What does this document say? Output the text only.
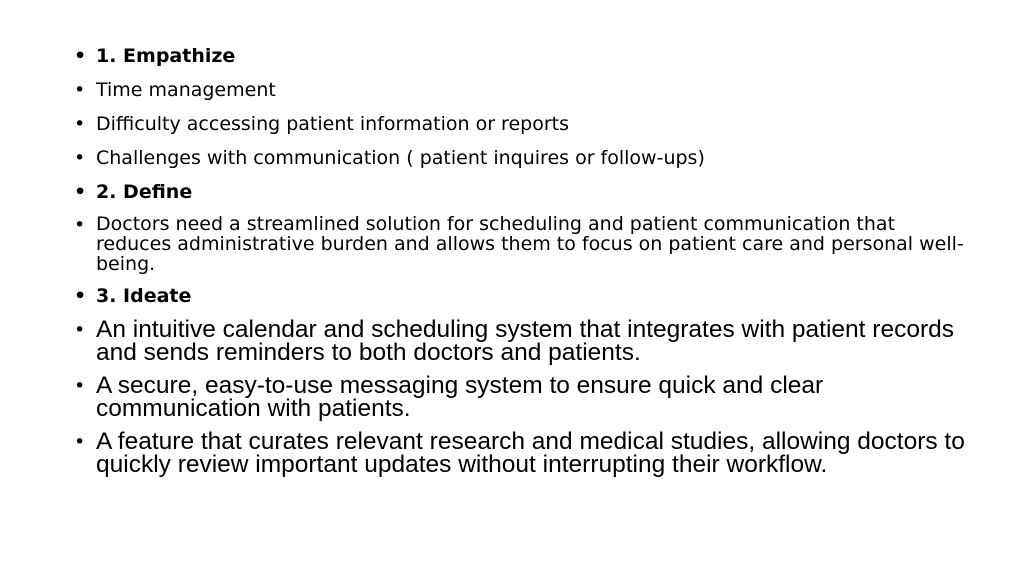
• 1. Empathize
• Time management
• Difficulty accessing patient information or reports
• Challenges with communication ( patient inquires or follow-ups)
• 2. Define
• Doctors need a streamlined solution for scheduling and patient communication that reduces administrative burden and allows them to focus on patient care and personal well-being.
• 3. Ideate
• An intuitive calendar and scheduling system that integrates with patient records and sends reminders to both doctors and patients.
• A secure, easy-to-use messaging system to ensure quick and clear communication with patients.
• A feature that curates relevant research and medical studies, allowing doctors to quickly review important updates without interrupting their workflow.
